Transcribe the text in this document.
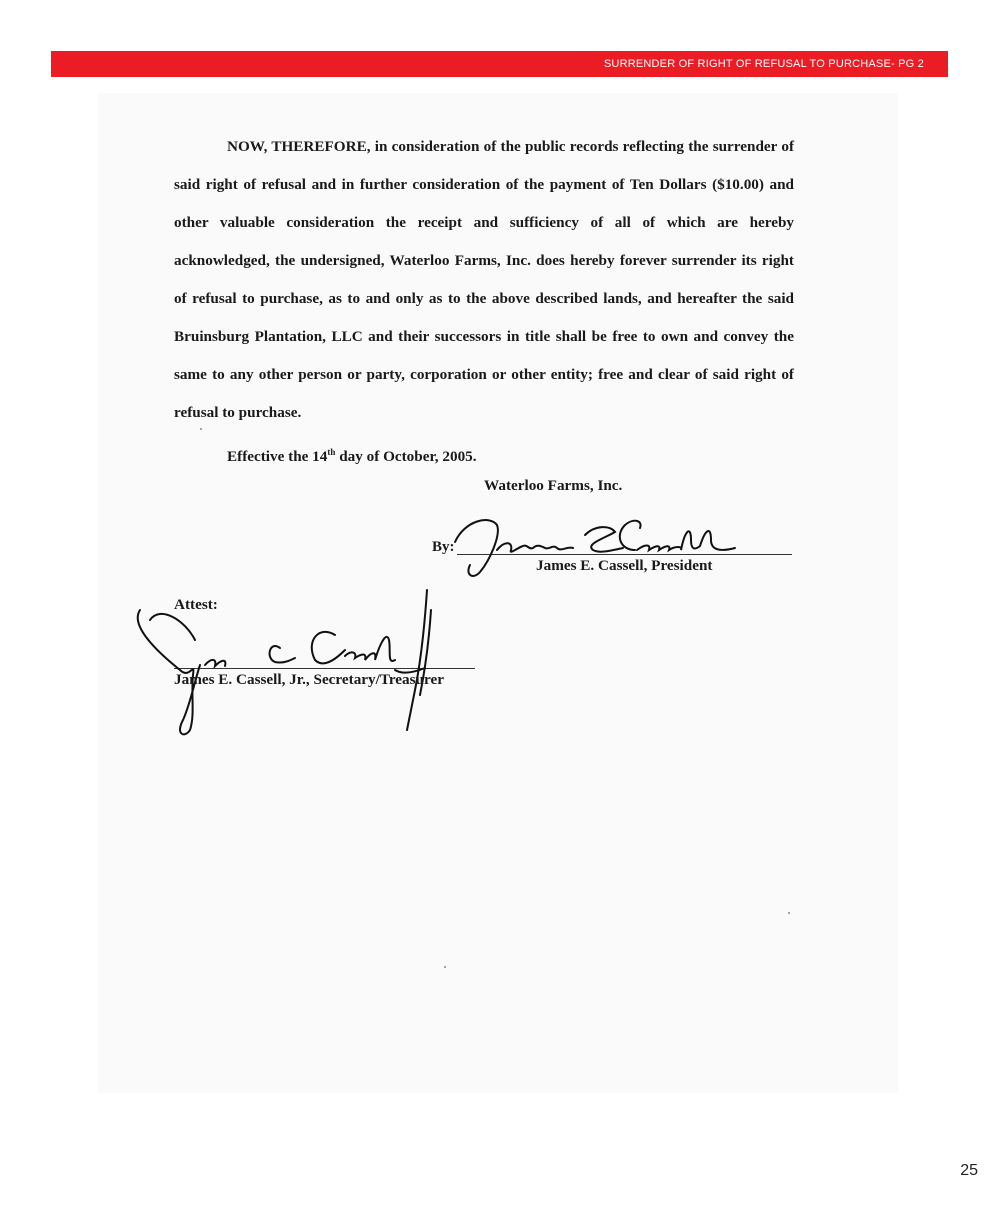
SURRENDER OF RIGHT OF REFUSAL TO PURCHASE- PG 2

NOW, THEREFORE, in consideration of the public records reflecting the surrender of said right of refusal and in further consideration of the payment of Ten Dollars ($10.00) and other valuable consideration the receipt and sufficiency of all of which are hereby acknowledged, the undersigned, Waterloo Farms, Inc. does hereby forever surrender its right of refusal to purchase, as to and only as to the above described lands, and hereafter the said Bruinsburg Plantation, LLC and their successors in title shall be free to own and convey the same to any other person or party, corporation or other entity; free and clear of said right of refusal to purchase.

Effective the 14th day of October, 2005.
Waterloo Farms, Inc.
By:
James E. Cassell, President
Attest:
James E. Cassell, Jr., Secretary/Treasurer
25
